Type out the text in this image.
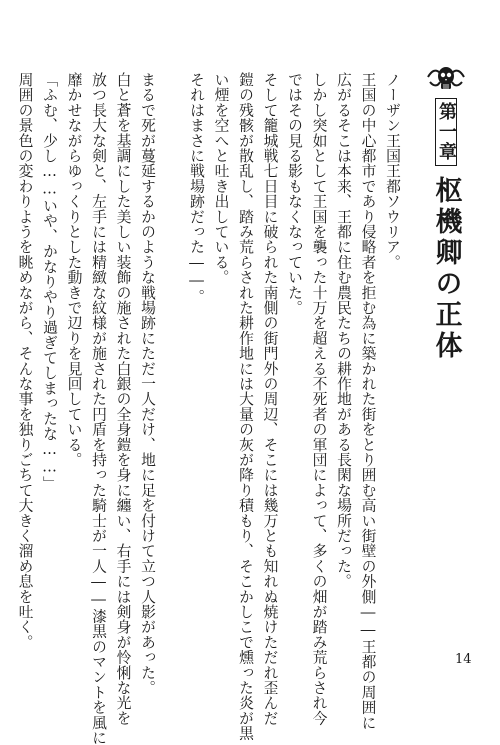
第一章
枢機卿の正体

ノーザン王国王都ソウリア。

王国の中心都市であり侵略者を拒む為に築かれた街をとり囲む高い街壁の外側――王都の周囲に

広がるそこは本来、王都に住む農民たちの耕作地がある長閑な場所だった。

しかし突如として王国を襲った十万を超える不死者の軍団によって、多くの畑が踏み荒らされ今

ではその見る影もなくなっていた。

そして籠城戦七日目に破られた南側の街門外の周辺、そこには幾万とも知れぬ焼けただれ歪んだ

鎧の残骸が散乱し、踏み荒らされた耕作地には大量の灰が降り積もり、そこかしこで燻った炎が黒

い煙を空へと吐き出している。

それはまさに戦場跡だった――。

まるで死が蔓延するかのような戦場跡にただ一人だけ、地に足を付けて立つ人影があった。

白と蒼を基調にした美しい装飾の施された白銀の全身鎧を身に纏い、右手には剣身が怜悧な光を

放つ長大な剣と、左手には精緻な紋様が施された円盾を持った騎士が一人――漆黒のマントを風に

靡かせながらゆっくりとした動きで辺りを見回している。

「ふむ、少し……いや、かなりやり過ぎてしまったな……」

周囲の景色の変わりようを眺めながら、そんな事を独りごちて大きく溜め息を吐く。

14
